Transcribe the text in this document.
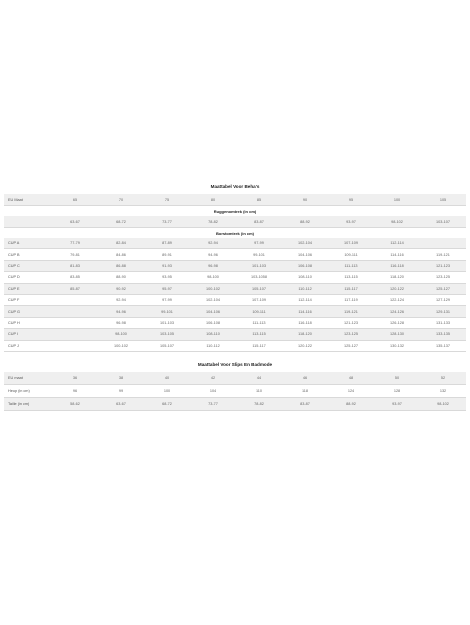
Maattabel Voor Beha's
EU Maat	65	70	75	80	85	90	95	100	105
Ruggenomtrek (in cm)									
	63-67	68-72	73-77	78-82	83-87	88-92	93-97	98-102	103-107
Borstomtrek (in cm)									
CUP A	77-79	82-84	87-89	92-94	97-99	102-104	107-109	112-114	
CUP B	79-81	84-86	89-91	94-96	99-101	104-106	109-111	114-116	119-121
CUP C	81-83	86-88	91-93	96-98	101-103	106-108	111-113	116-118	121-123
CUP D	83-85	88-90	93-95	98-100	103-1058	108-110	113-115	118-120	123-125
CUP E	85-87	90-92	95-97	100-102	105-107	110-112	115-117	120-122	125-127
CUP F		92-94	97-99	102-104	107-109	112-114	117-119	122-124	127-129
CUP G		94-96	99-101	104-106	109-111	114-116	119-121	124-126	129-131
CUP H		96-98	101-103	106-108	111-113	116-118	121-123	126-128	131-133
CUP I		98-100	103-105	108-110	113-115	118-120	123-125	128-130	133-135
CUP J		100-102	105-107	110-112	115-117	120-122	125-127	130-132	135-137
Maattabel Voor Slips En Badmode
EU maat	36	38	40	42	44	46	48	50	52
Heup (in cm)	96	99	100	104	110	118	124	128	132
Taille (in cm)	58-62	63-67	68-72	73-77	78-82	83-87	88-92	93-97	98-102
